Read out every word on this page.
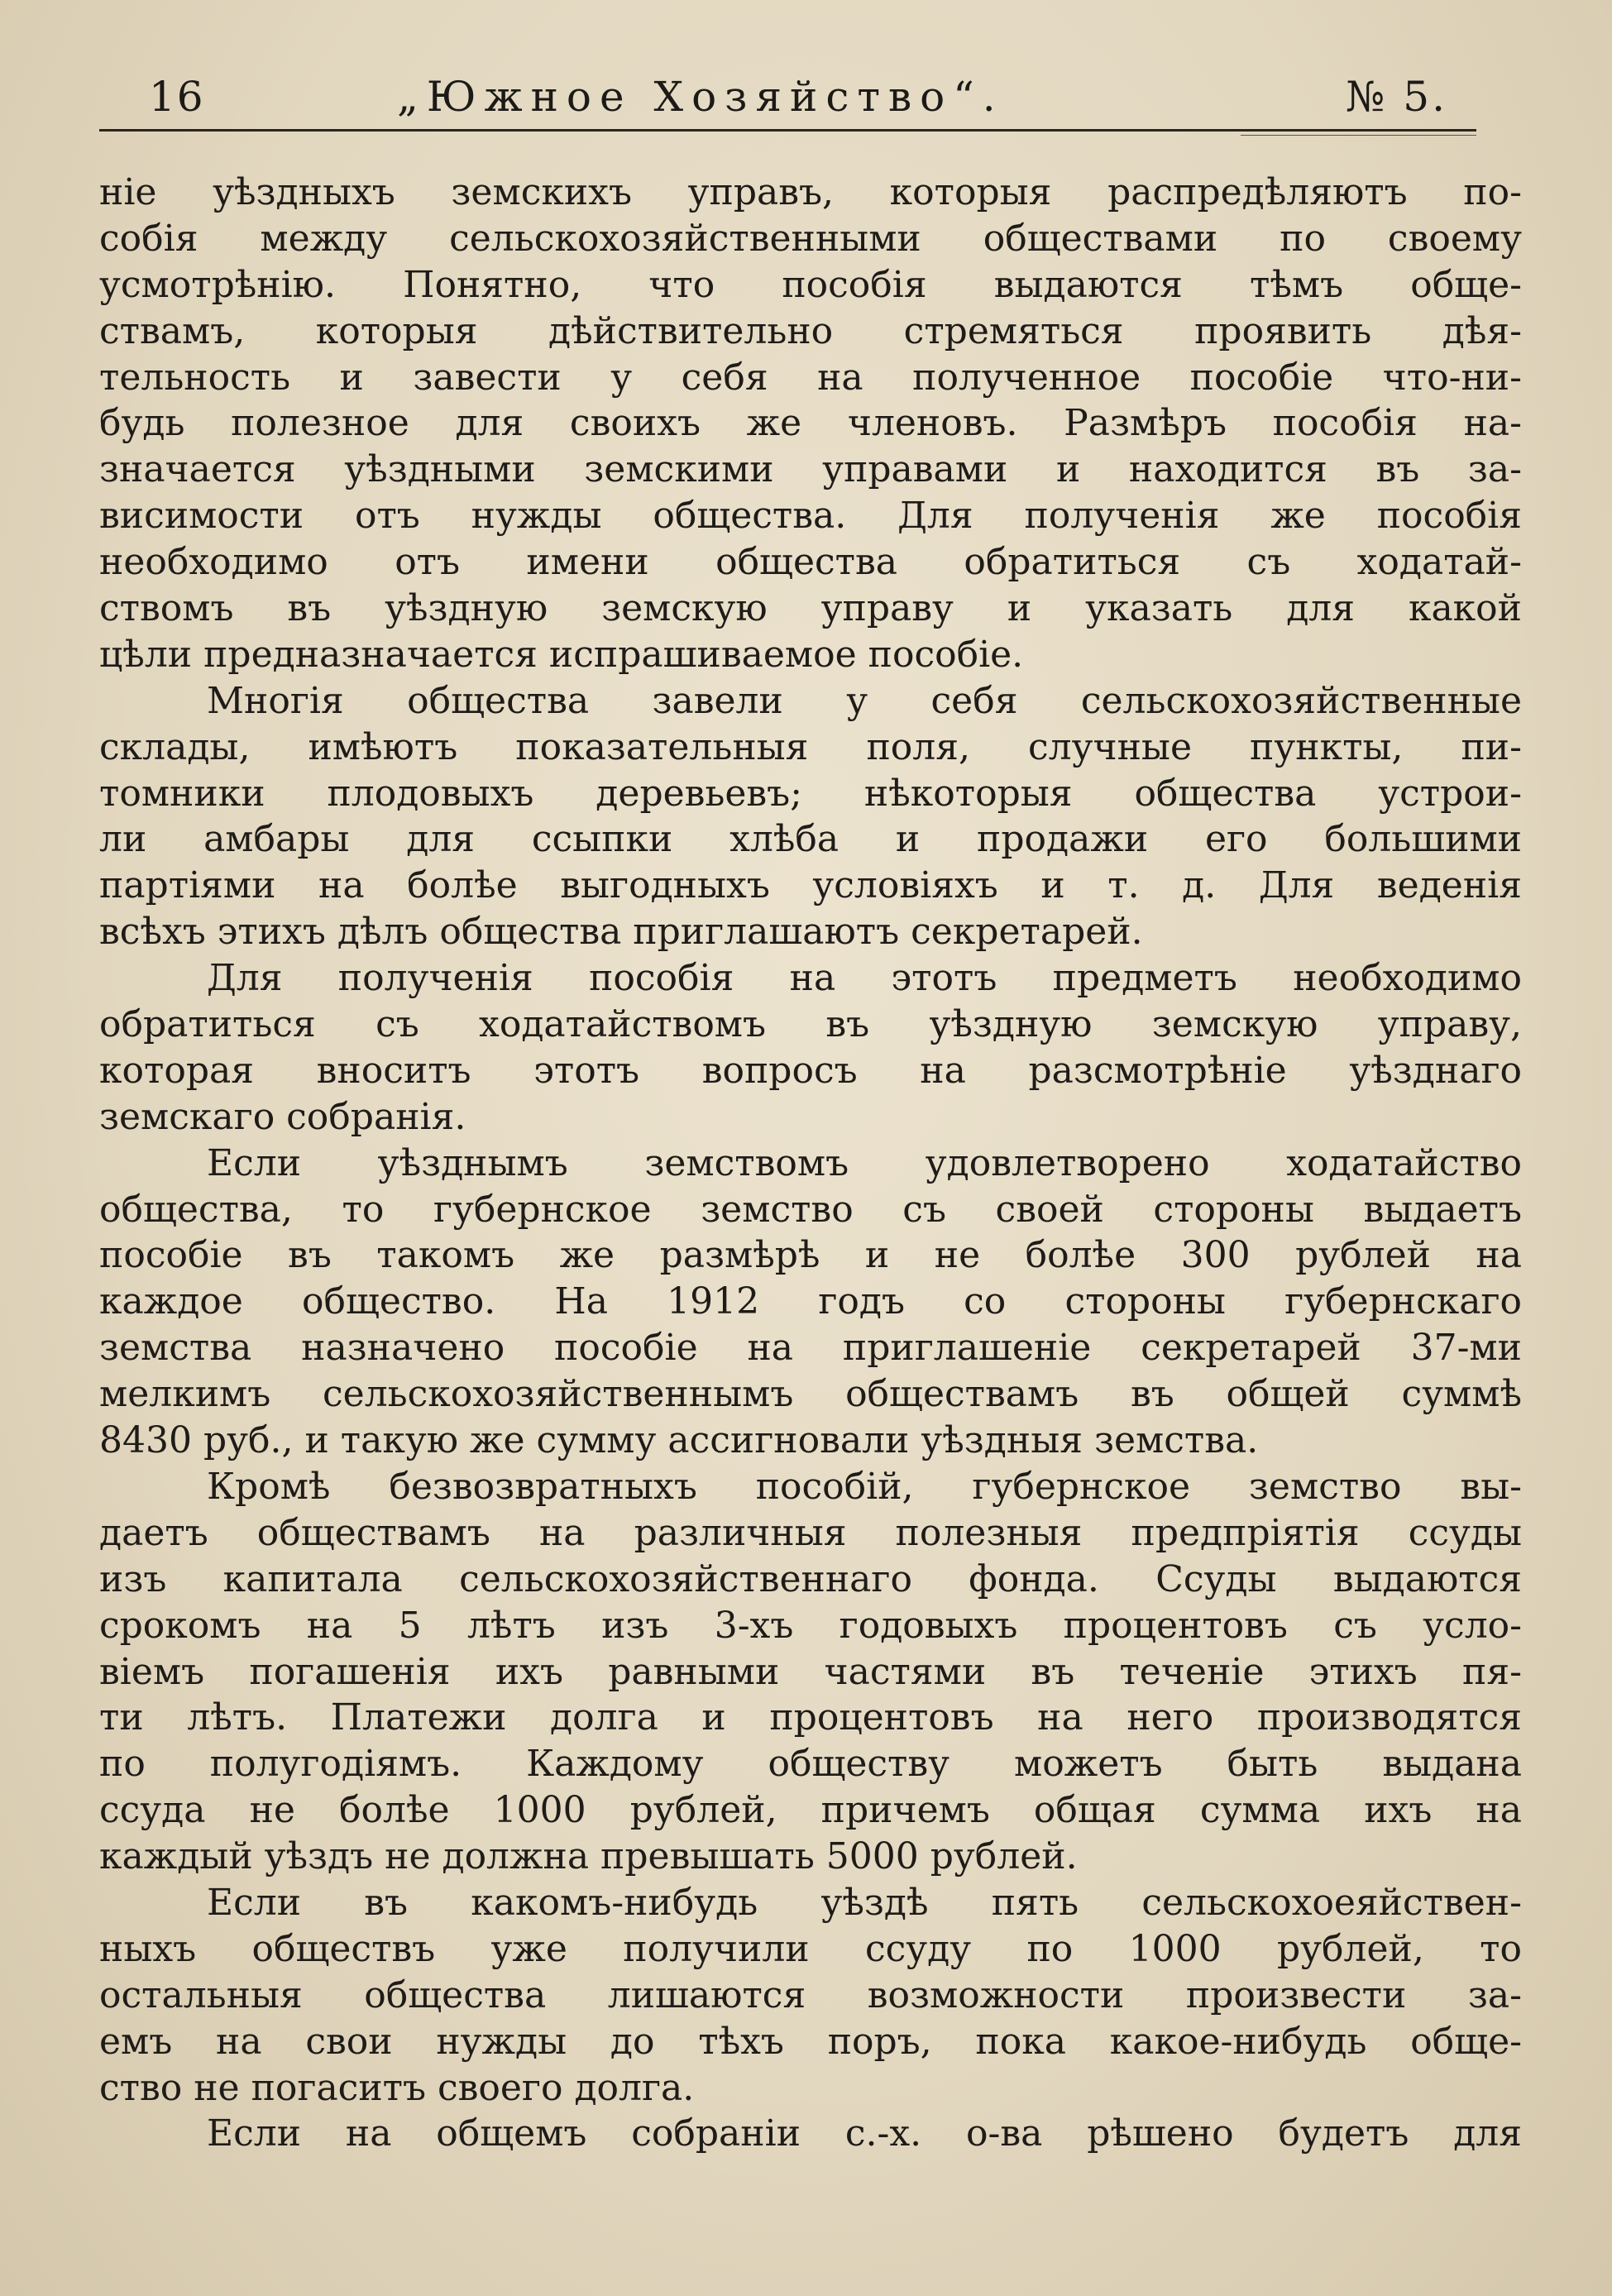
16	„Южное Хозяйство“.	№ 5.
ніе уѣздныхъ земскихъ управъ, которыя распредѣляютъ по-
собія между сельскохозяйственными обществами по своему
усмотрѣнію. Понятно, что пособія выдаются тѣмъ обще-
ствамъ, которыя дѣйствительно стремяться проявить дѣя-
тельность и завести у себя на полученное пособіе что-ни-
будь полезное для своихъ же членовъ. Размѣръ пособія на-
значается уѣздными земскими управами и находится въ за-
висимости отъ нужды общества. Для полученія же пособія
необходимо отъ имени общества обратиться съ ходатай-
ствомъ въ уѣздную земскую управу и указать для какой
цѣли предназначается испрашиваемое пособіе.
Многія общества завели у себя сельскохозяйственные
склады, имѣютъ показательныя поля, случные пункты, пи-
томники плодовыхъ деревьевъ; нѣкоторыя общества устрои-
ли амбары для ссыпки хлѣба и продажи его большими
партіями на болѣе выгодныхъ условіяхъ и т. д. Для веденія
всѣхъ этихъ дѣлъ общества приглашаютъ секретарей.
Для полученія пособія на этотъ предметъ необходимо
обратиться съ ходатайствомъ въ уѣздную земскую управу,
которая вноситъ этотъ вопросъ на разсмотрѣніе уѣзднаго
земскаго собранія.
Если уѣзднымъ земствомъ удовлетворено ходатайство
общества, то губернское земство съ своей стороны выдаетъ
пособіе въ такомъ же размѣрѣ и не болѣе 300 рублей на
каждое общество. На 1912 годъ со стороны губернскаго
земства назначено пособіе на приглашеніе секретарей 37-ми
мелкимъ сельскохозяйственнымъ обществамъ въ общей суммѣ
8430 руб., и такую же сумму ассигновали уѣздныя земства.
Кромѣ безвозвратныхъ пособій, губернское земство вы-
даетъ обществамъ на различныя полезныя предпріятія ссуды
изъ капитала сельскохозяйственнаго фонда. Ссуды выдаются
срокомъ на 5 лѣтъ изъ 3-хъ годовыхъ процентовъ съ усло-
віемъ погашенія ихъ равными частями въ теченіе этихъ пя-
ти лѣтъ. Платежи долга и процентовъ на него производятся
по полугодіямъ. Каждому обществу можетъ быть выдана
ссуда не болѣе 1000 рублей, причемъ общая сумма ихъ на
каждый уѣздъ не должна превышать 5000 рублей.
Если въ какомъ-нибудь уѣздѣ пять сельскохоеяйствен-
ныхъ обществъ уже получили ссуду по 1000 рублей, то
остальныя общества лишаются возможности произвести за-
емъ на свои нужды до тѣхъ поръ, пока какое-нибудь обще-
ство не погаситъ своего долга.
Если на общемъ собраніи с.-х. о-ва рѣшено будетъ для
